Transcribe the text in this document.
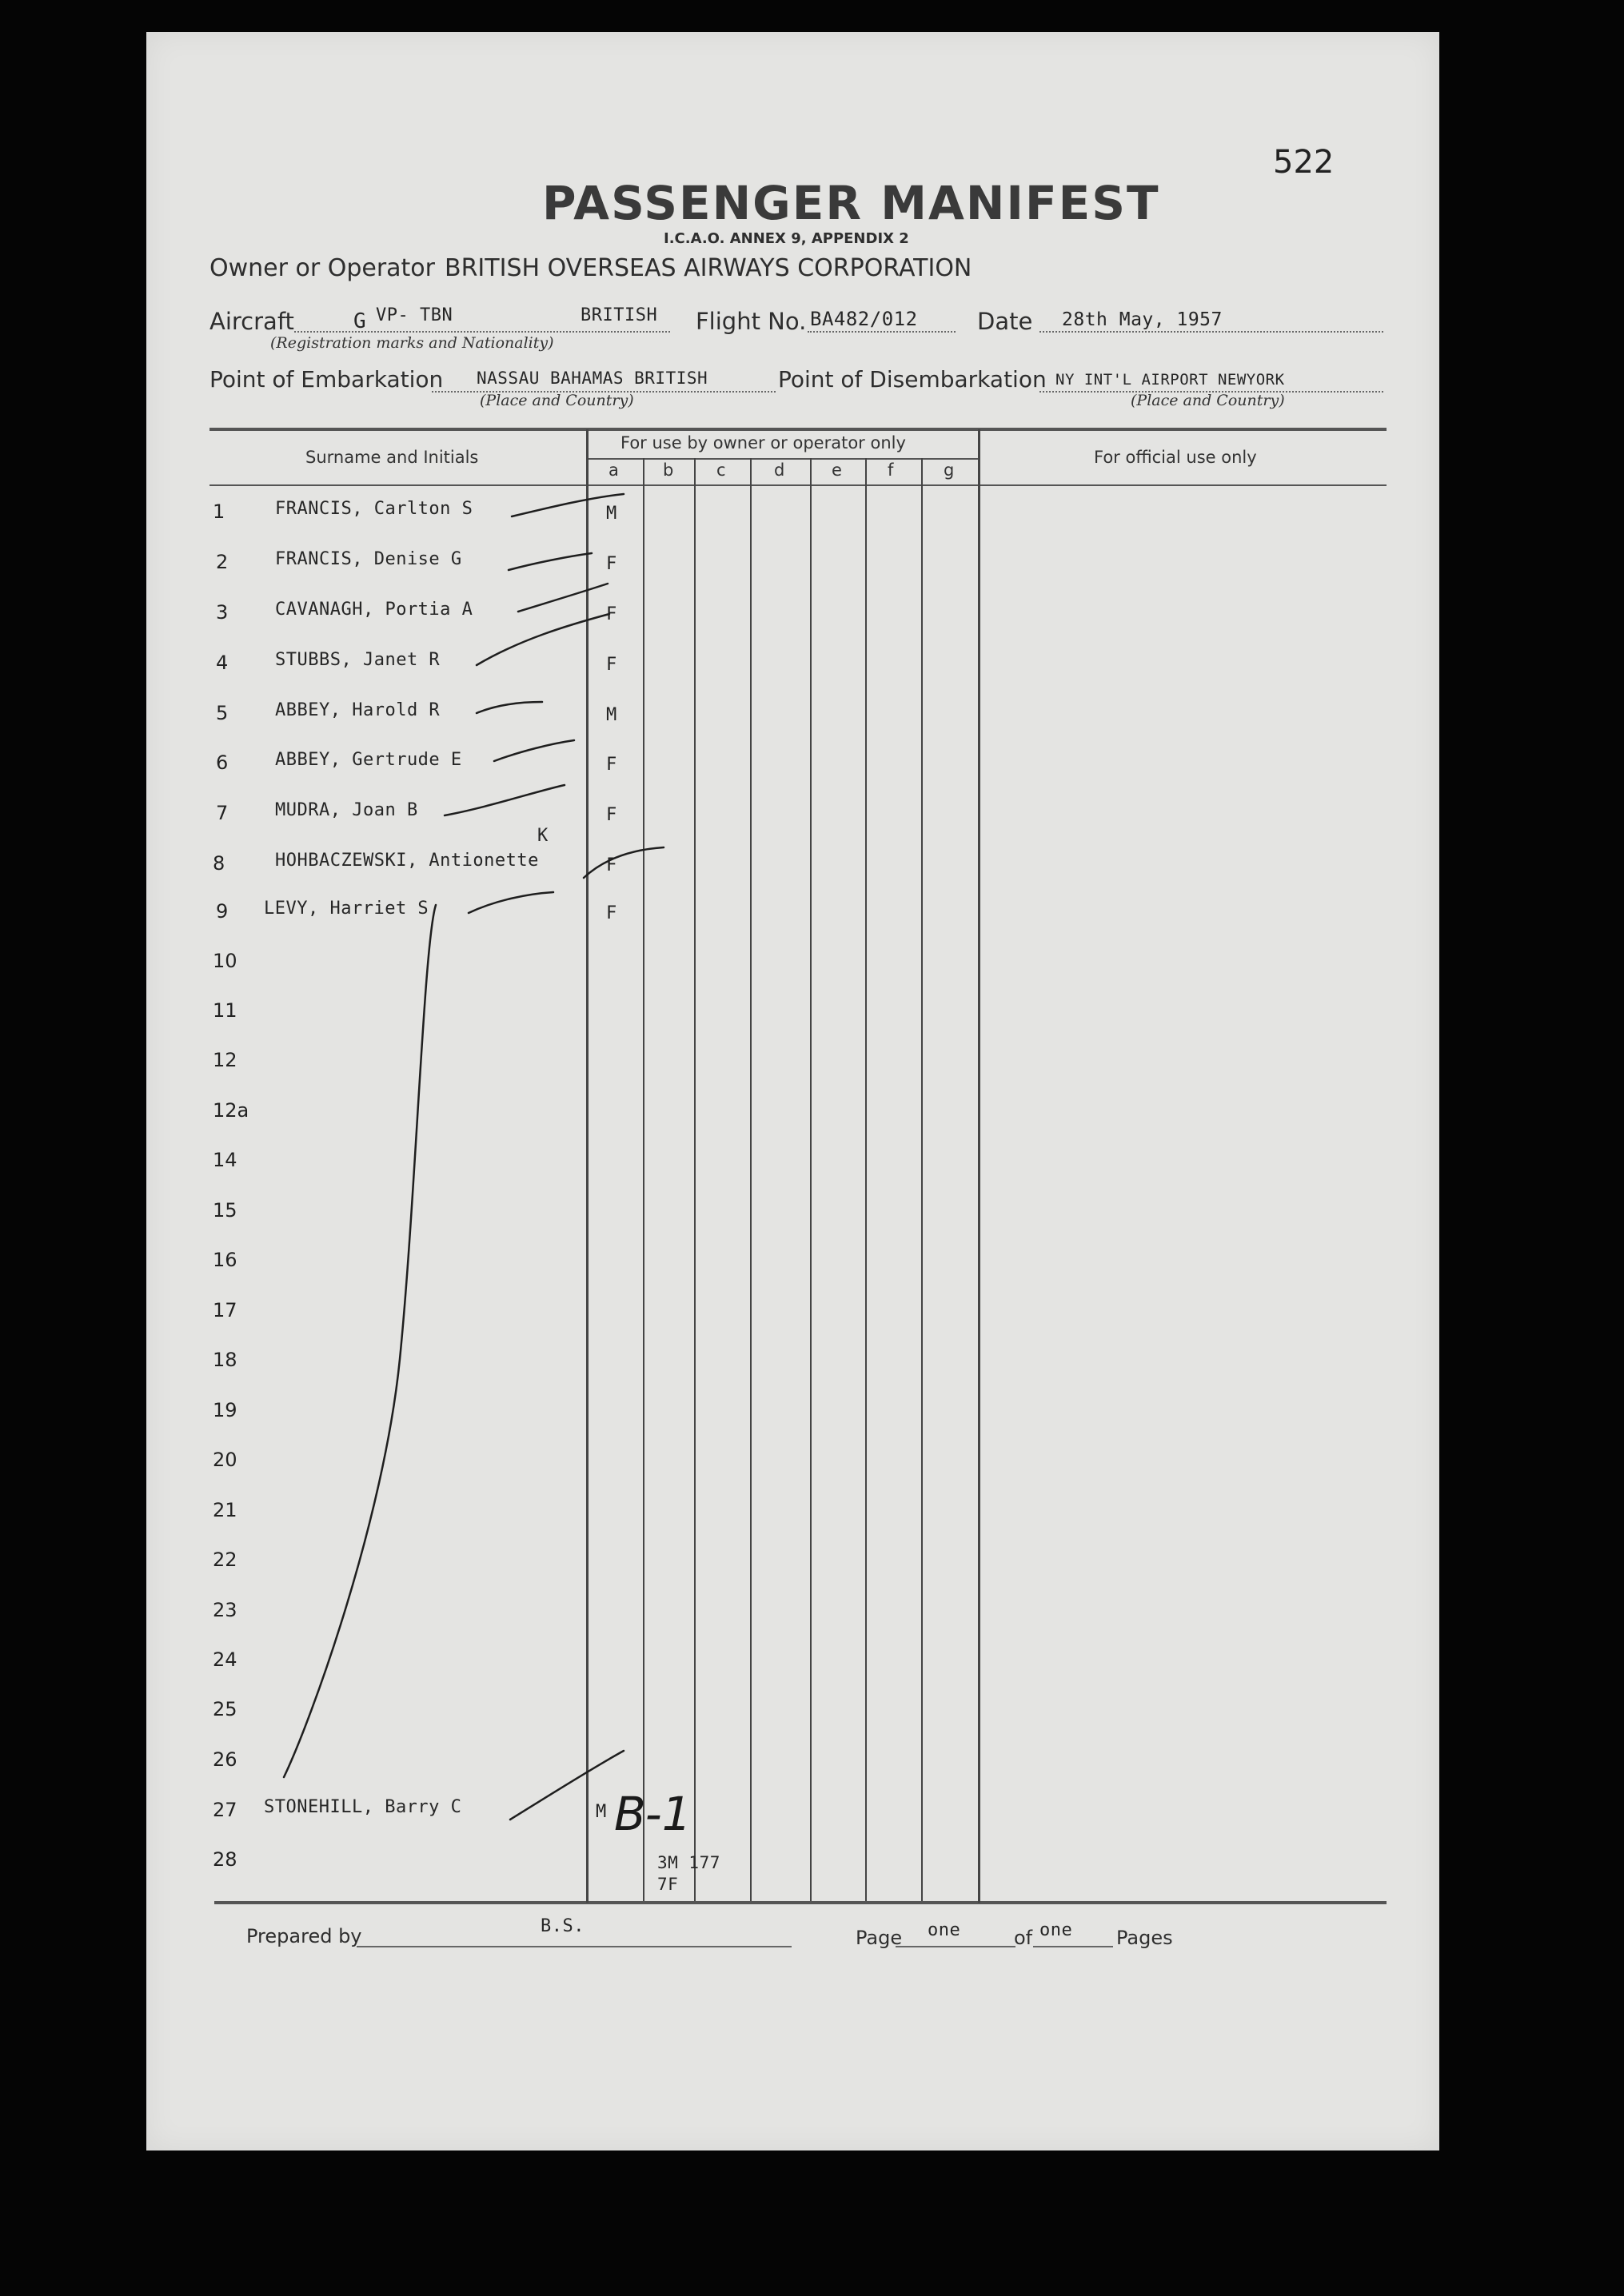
522
PASSENGER MANIFEST
I.C.A.O. ANNEX 9, APPENDIX 2
Owner or Operator BRITISH OVERSEAS AIRWAYS CORPORATION
Aircraft	G VP- TBN	BRITISH Flight No. BA482/012	Date 28th May, 1957
(Registration marks and Nationality)
Point of Embarkation NASSAU BAHAMAS BRITISH	Point of Disembarkation NY INT'L AIRPORT NEWYORK
(Place and Country)	(Place and Country)
Surname and Initials
For use by owner or operator only
For official use only
a	b	c	d	e	f	g
1	FRANCIS, Carlton S	M
2	FRANCIS, Denise G	F
3	CAVANAGH, Portia A	F
4	STUBBS, Janet R	F
5	ABBEY, Harold R	M
6	ABBEY, Gertrude E	F
7	MUDRA, Joan B	F
8	HOHBACZEWSKI, Antionette	F
9 LEVY, Harriet S	F
10
11
12
12a
14
15
16
17
18
19
20
21
22
23
24
25
26
27 STONEHILL, Barry C	M
28
K
B-1
3M 177
7F
Prepared by	B.S.
Page one	of one Pages
